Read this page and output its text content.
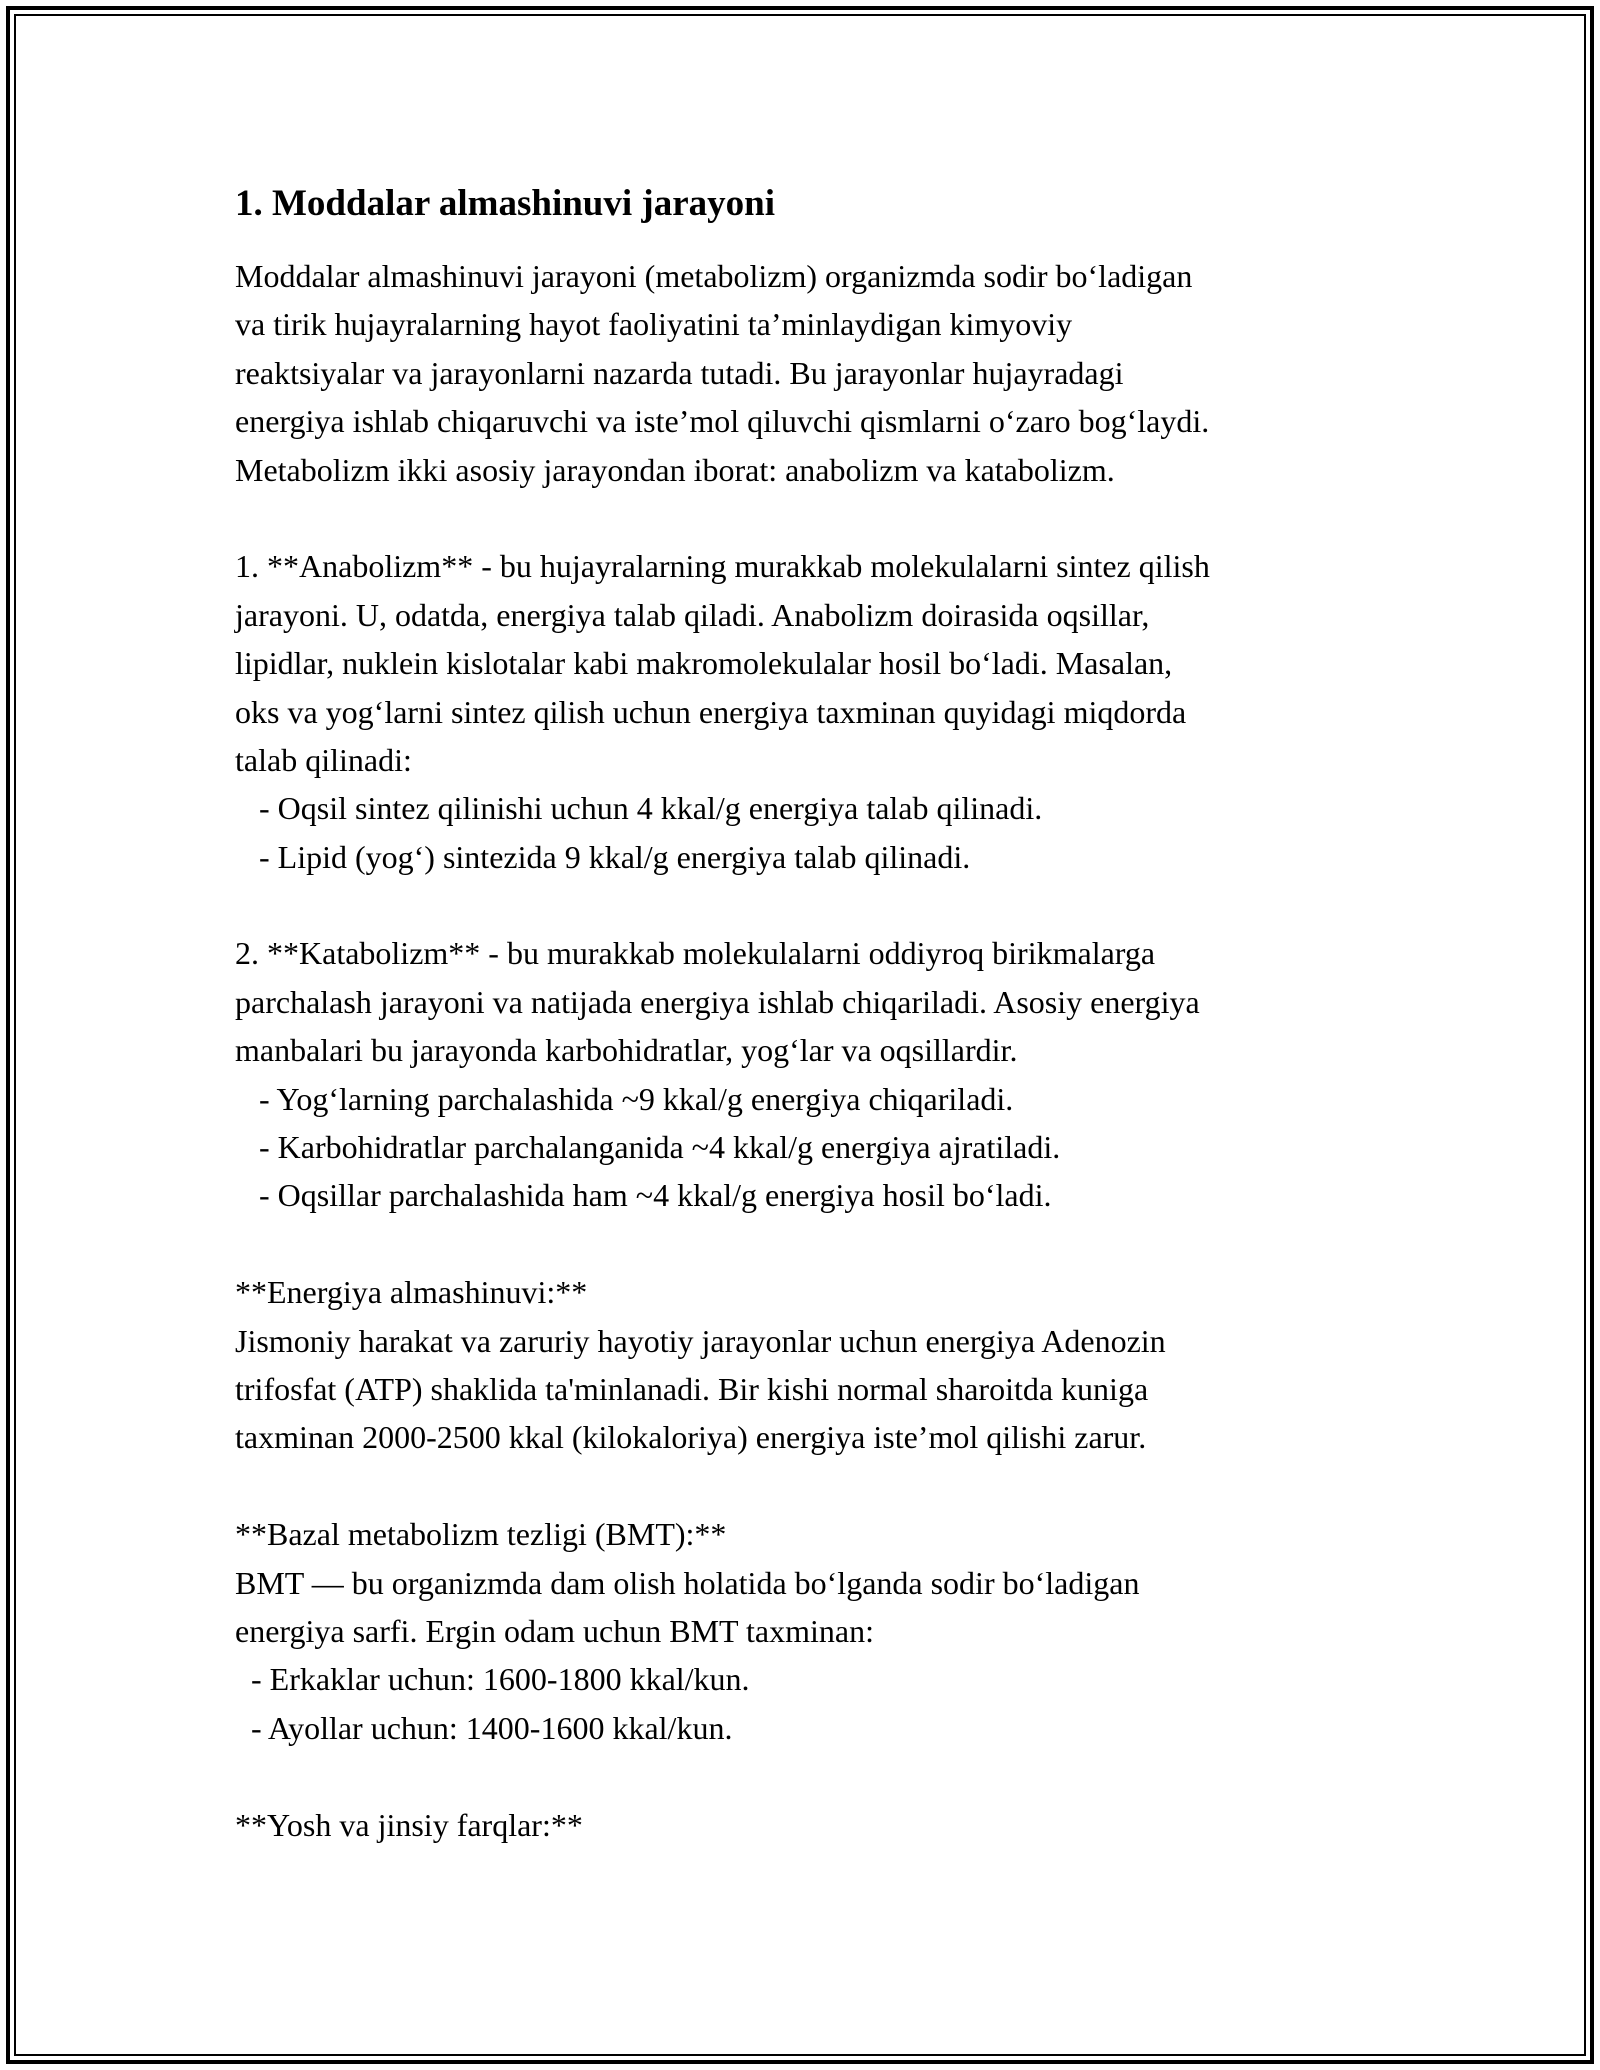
1. Moddalar almashinuvi jarayoni
Moddalar almashinuvi jarayoni (metabolizm) organizmda sodir bo‘ladigan
va tirik hujayralarning hayot faoliyatini ta’minlaydigan kimyoviy
reaktsiyalar va jarayonlarni nazarda tutadi. Bu jarayonlar hujayradagi
energiya ishlab chiqaruvchi va iste’mol qiluvchi qismlarni o‘zaro bog‘laydi.
Metabolizm ikki asosiy jarayondan iborat: anabolizm va katabolizm.
1. **Anabolizm** - bu hujayralarning murakkab molekulalarni sintez qilish
jarayoni. U, odatda, energiya talab qiladi. Anabolizm doirasida oqsillar,
lipidlar, nuklein kislotalar kabi makromolekulalar hosil bo‘ladi. Masalan,
oks va yog‘larni sintez qilish uchun energiya taxminan quyidagi miqdorda
talab qilinadi:
- Oqsil sintez qilinishi uchun 4 kkal/g energiya talab qilinadi.
- Lipid (yog‘) sintezida 9 kkal/g energiya talab qilinadi.
2. **Katabolizm** - bu murakkab molekulalarni oddiyroq birikmalarga
parchalash jarayoni va natijada energiya ishlab chiqariladi. Asosiy energiya
manbalari bu jarayonda karbohidratlar, yog‘lar va oqsillardir.
- Yog‘larning parchalashida ~9 kkal/g energiya chiqariladi.
- Karbohidratlar parchalanganida ~4 kkal/g energiya ajratiladi.
- Oqsillar parchalashida ham ~4 kkal/g energiya hosil bo‘ladi.
**Energiya almashinuvi:**
Jismoniy harakat va zaruriy hayotiy jarayonlar uchun energiya Adenozin
trifosfat (ATP) shaklida ta'minlanadi. Bir kishi normal sharoitda kuniga
taxminan 2000-2500 kkal (kilokaloriya) energiya iste’mol qilishi zarur.
**Bazal metabolizm tezligi (BMT):**
BMT — bu organizmda dam olish holatida bo‘lganda sodir bo‘ladigan
energiya sarfi. Ergin odam uchun BMT taxminan:
- Erkaklar uchun: 1600-1800 kkal/kun.
- Ayollar uchun: 1400-1600 kkal/kun.
**Yosh va jinsiy farqlar:**
